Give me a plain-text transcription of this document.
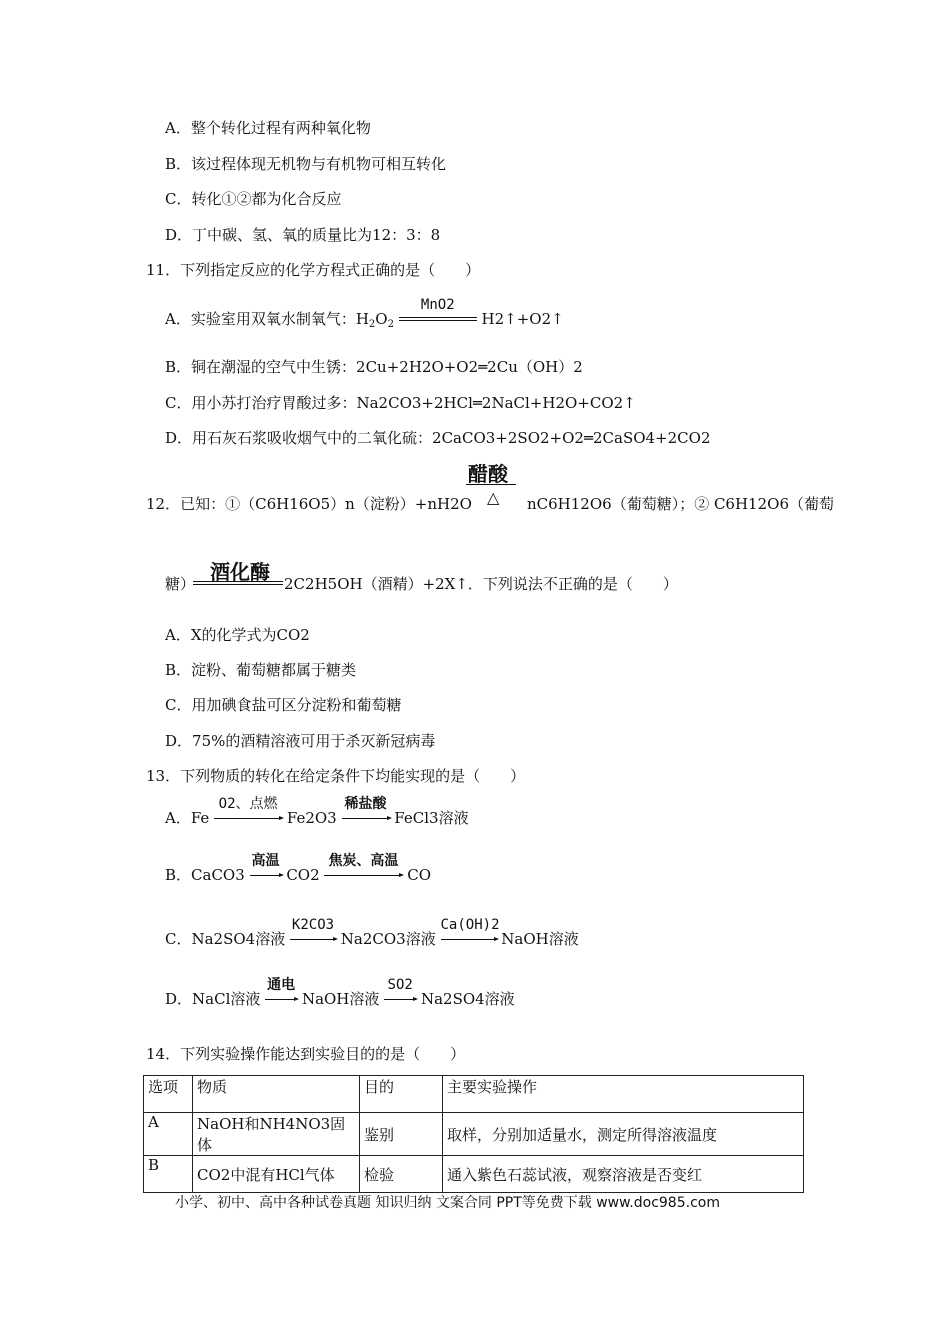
A．整个转化过程有两种氧化物
B．该过程体现无机物与有机物可相互转化
C．转化①②都为化合反应
D．丁中碳、氢、氧的质量比为12：3：8
11．下列指定反应的化学方程式正确的是（　　）
A．实验室用双氧水制氧气：$H_2O_2$
MnO2
H2↑+O2↑
B．铜在潮湿的空气中生锈：2Cu+2H2O+O2═2Cu（OH）2
C．用小苏打治疗胃酸过多：Na2CO3+2HCl═2NaCl+H2O+CO2↑
D．用石灰石浆吸收烟气中的二氧化硫：2CaCO3+2SO2+O2═2CaSO4+2CO2
12．已知：①（C6H16O5）n（淀粉）+nH2O
醋酸
△ nC6H12O6（葡萄糖）；② C6H12O6（葡萄
糖） 酒化酶 2C2H5OH（酒精）+2X↑．下列说法不正确的是（　　）
A．X的化学式为CO2
B．淀粉、葡萄糖都属于糖类
C．用加碘食盐可区分淀粉和葡萄糖
D．75%的酒精溶液可用于杀灭新冠病毒
13．下列物质的转化在给定条件下均能实现的是（　　）
A．Fe
O2、点燃
Fe2O3
稀盐酸
FeCl3溶液
B．CaCO3
高温
CO2
焦炭、高温
CO
C．Na2SO4溶液
K2CO3
Na2CO3溶液
Ca(OH)2
NaOH溶液
D．NaCl溶液
通电
NaOH溶液
SO2
Na2SO4溶液
14．下列实验操作能达到实验目的的是（　　）
选项	物质	目的	主要实验操作
A	NaOH和NH4NO3固体	鉴别	取样，分别加适量水，测定所得溶液温度
B	CO2中混有HCl气体	检验	通入紫色石蕊试液，观察溶液是否变红
小学、初中、高中各种试卷真题 知识归纳 文案合同 PPT等免费下载 www.doc985.com
